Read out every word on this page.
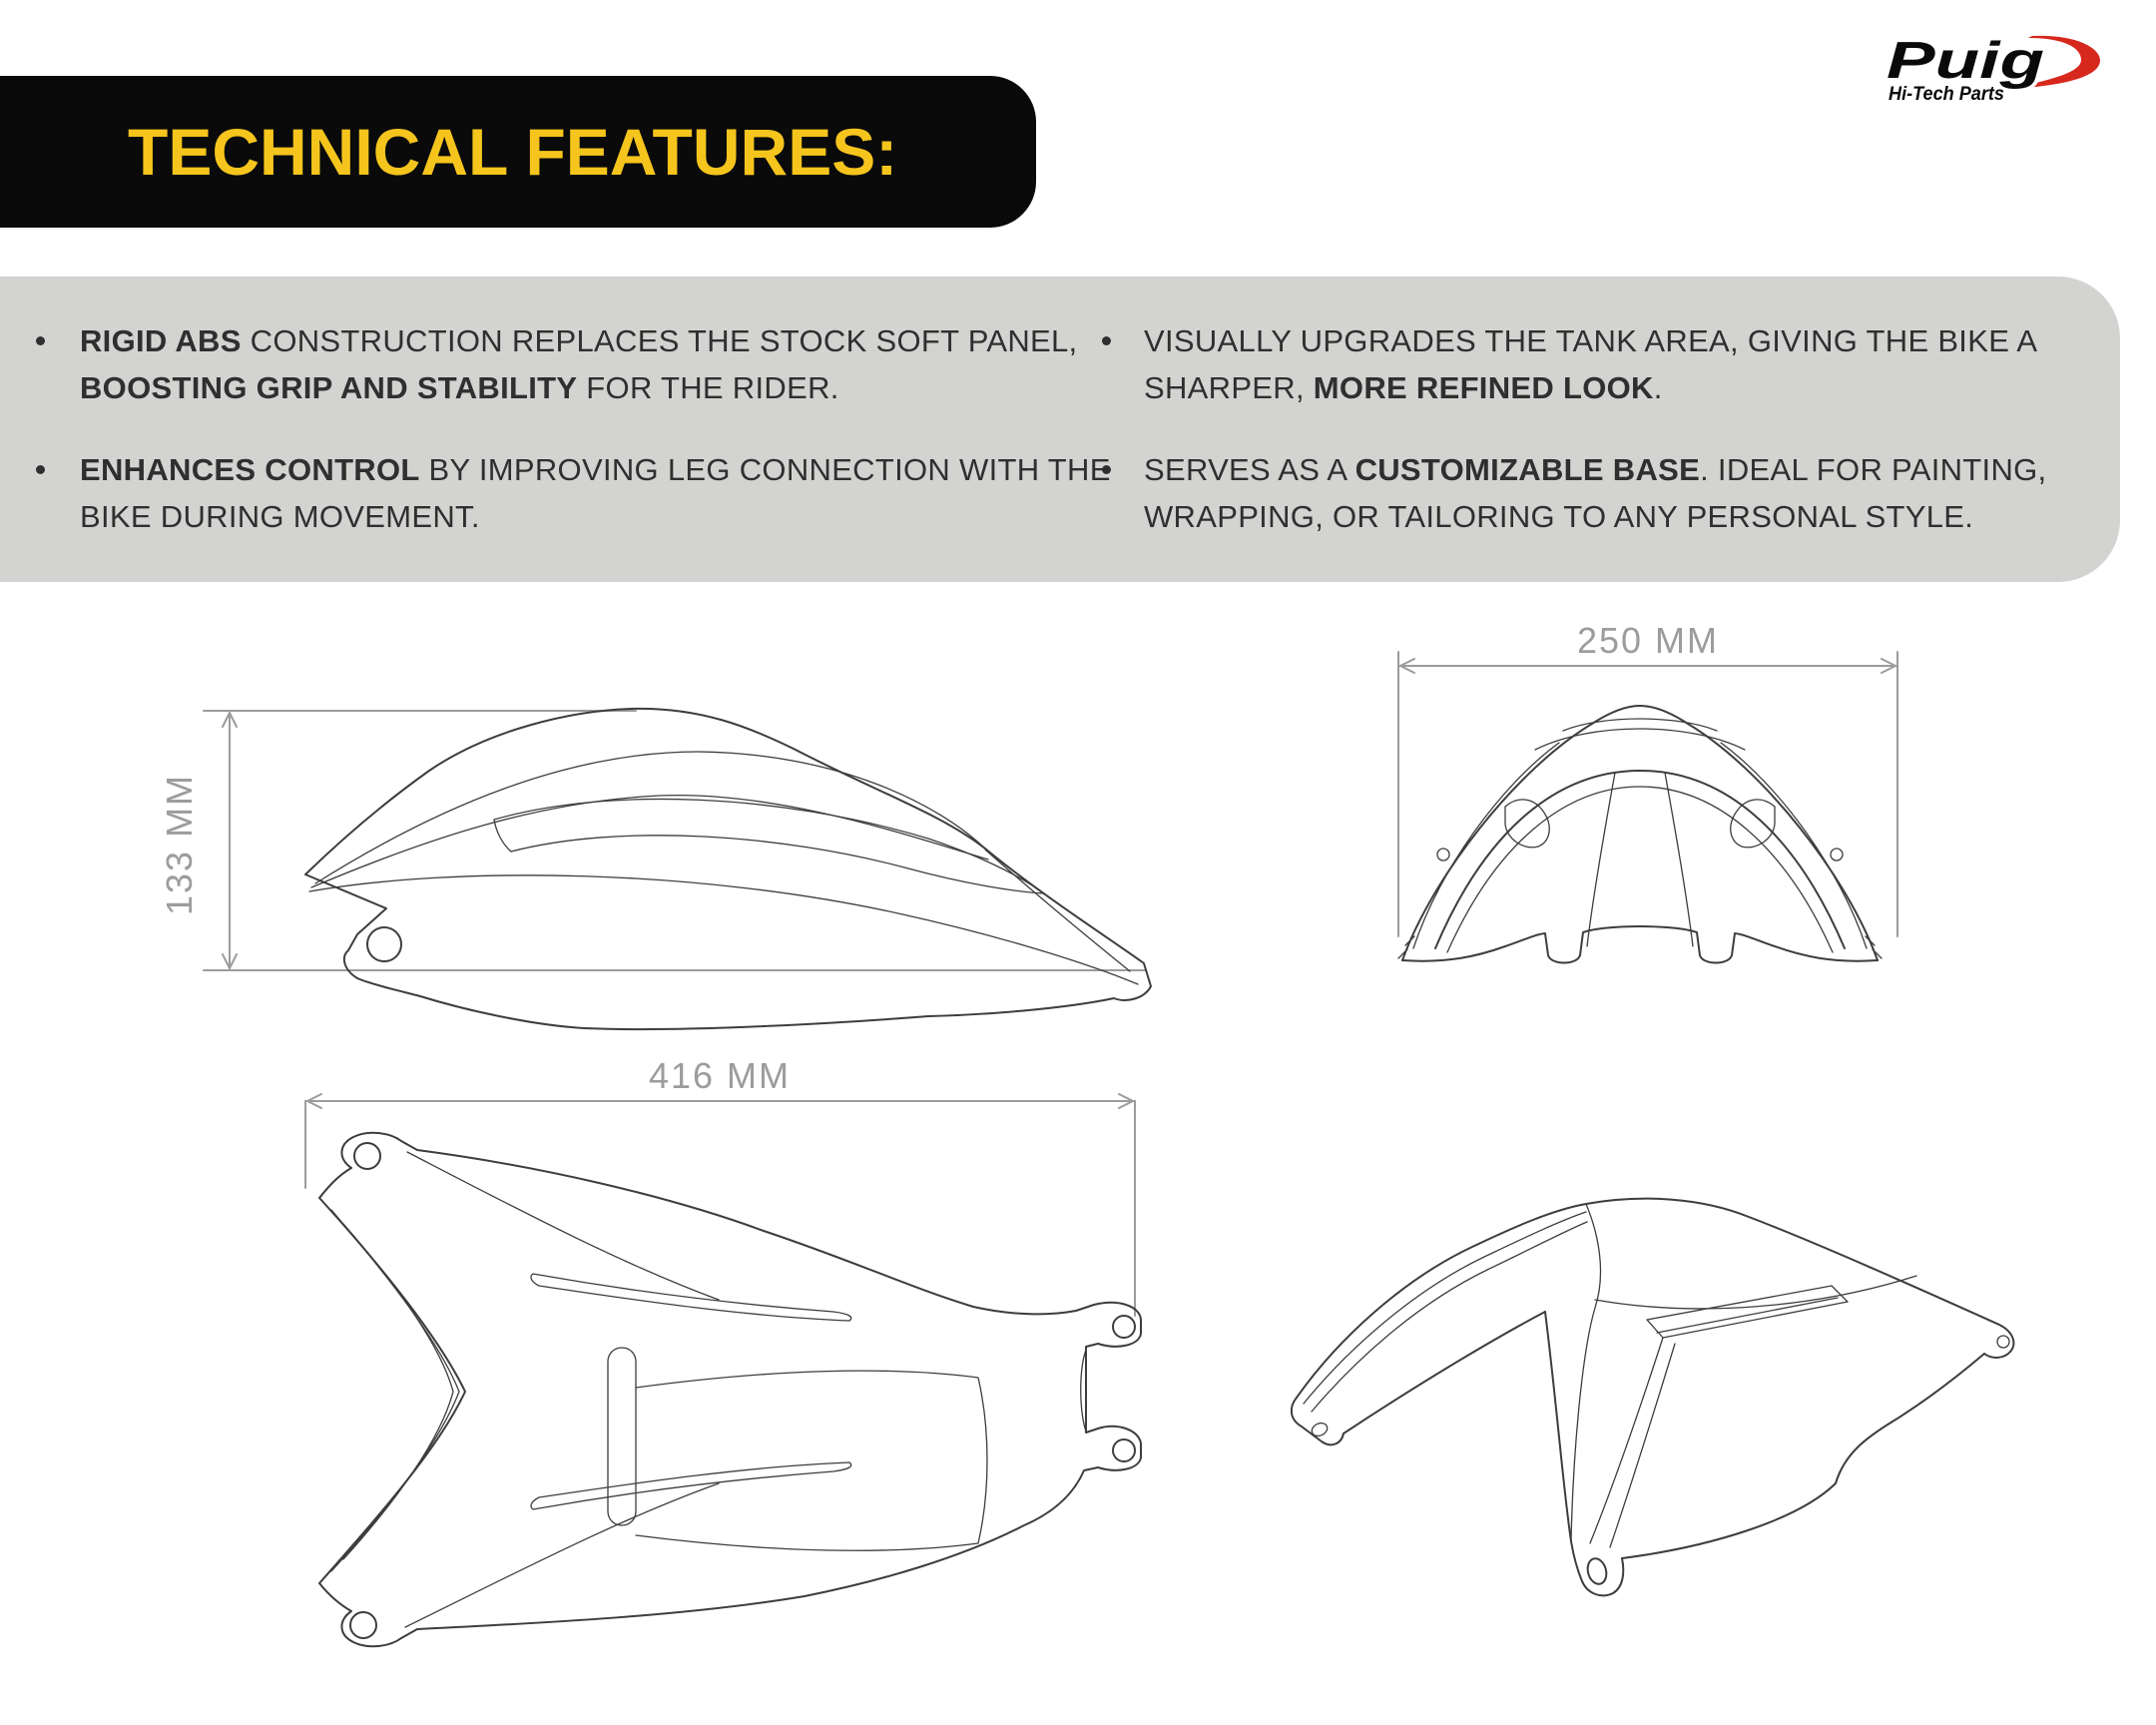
Puig
Hi-Tech Parts
TECHNICAL FEATURES:
RIGID ABS CONSTRUCTION REPLACES THE STOCK SOFT PANEL,
BOOSTING GRIP AND STABILITY FOR THE RIDER.
ENHANCES CONTROL BY IMPROVING LEG CONNECTION WITH THE
BIKE DURING MOVEMENT.
VISUALLY UPGRADES THE TANK AREA, GIVING THE BIKE A
SHARPER, MORE REFINED LOOK.
SERVES AS A CUSTOMIZABLE BASE. IDEAL FOR PAINTING,
WRAPPING, OR TAILORING TO ANY PERSONAL STYLE.
133 MM
250 MM
416 MM
